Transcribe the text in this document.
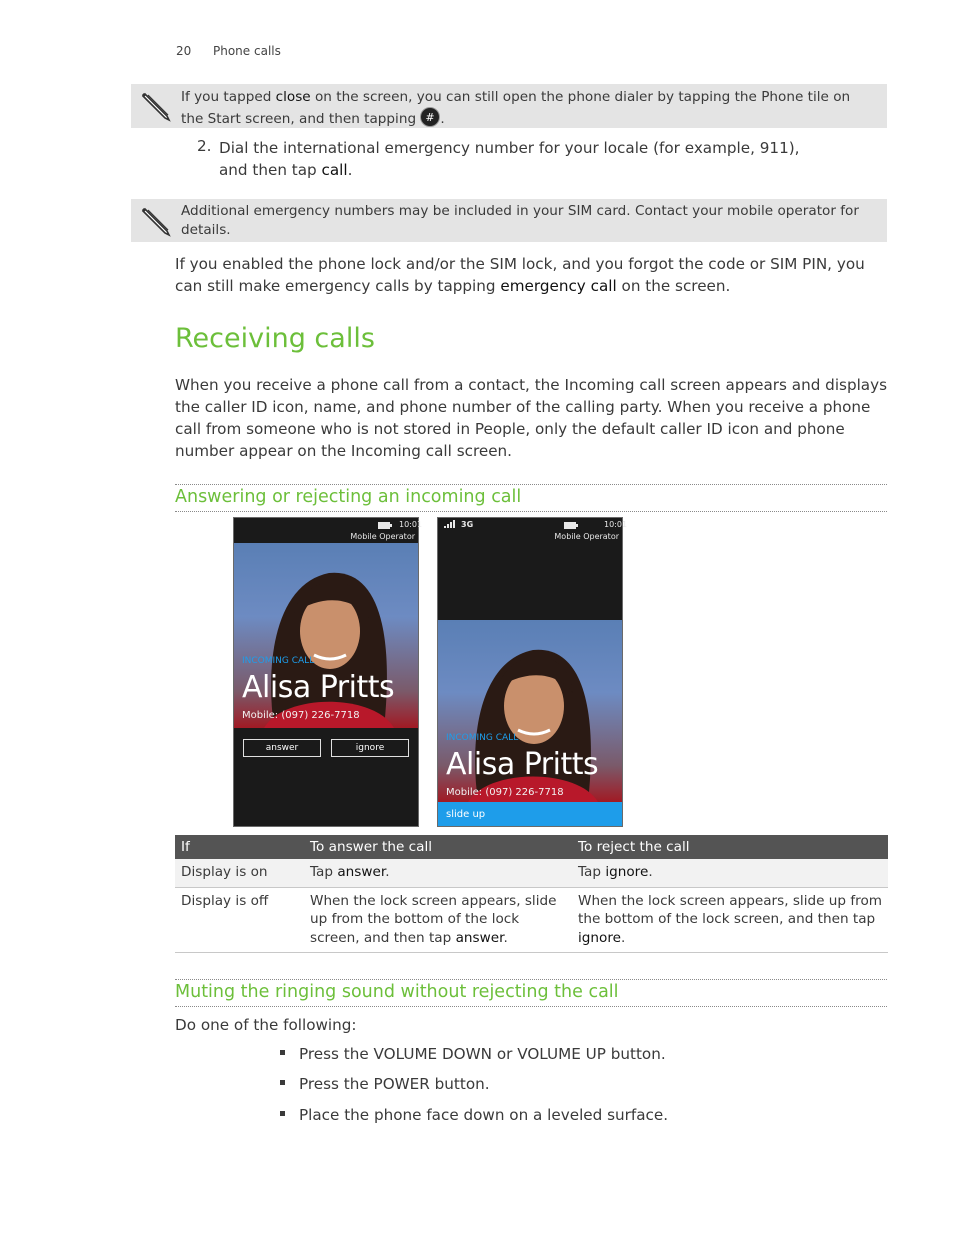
20 Phone calls
If you tapped close on the screen, you can still open the phone dialer by tapping the Phone tile on the Start screen, and then tapping # .
2. Dial the international emergency number for your locale (for example, 911),
and then tap call.
Additional emergency numbers may be included in your SIM card. Contact your mobile operator for details.
If you enabled the phone lock and/or the SIM lock, and you forgot the code or SIM PIN, you can still make emergency calls by tapping emergency call on the screen.
Receiving calls
When you receive a phone call from a contact, the Incoming call screen appears and displays the caller ID icon, name, and phone number of the calling party. When you receive a phone call from someone who is not stored in People, only the default caller ID icon and phone number appear on the Incoming call screen.
Answering or rejecting an incoming call
10:01
Mobile Operator
INCOMING CALL
Alisa Pritts
Mobile: (097) 226-7718
answer	ignore
3G	10:01
Mobile Operator
INCOMING CALL
Alisa Pritts
Mobile: (097) 226-7718
slide up
If	To answer the call	To reject the call
Display is on	Tap answer.	Tap ignore.
Display is off	When the lock screen appears, slide up from the bottom of the lock screen, and then tap answer.	When the lock screen appears, slide up from the bottom of the lock screen, and then tap ignore.
Muting the ringing sound without rejecting the call
Do one of the following:
Press the VOLUME DOWN or VOLUME UP button.
Press the POWER button.
Place the phone face down on a leveled surface.
